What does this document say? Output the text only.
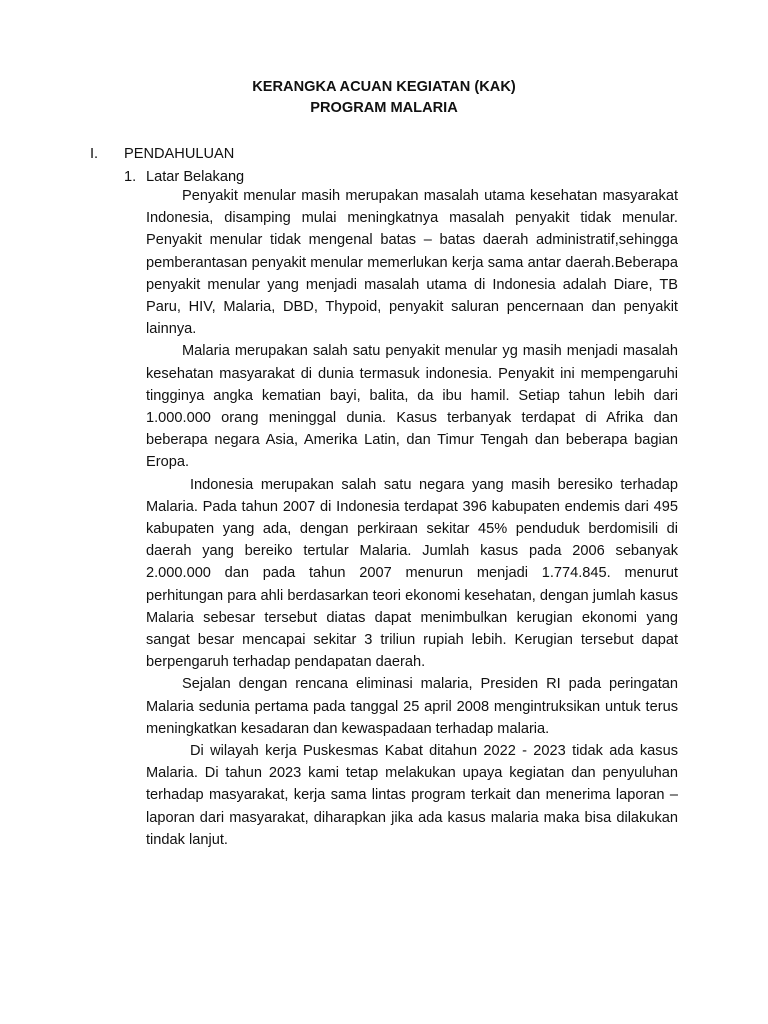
KERANGKA ACUAN KEGIATAN (KAK)
PROGRAM MALARIA
I. PENDAHULUAN
1. Latar Belakang

Penyakit menular masih merupakan masalah utama kesehatan masyarakat Indonesia, disamping mulai meningkatnya masalah penyakit tidak menular. Penyakit menular tidak mengenal batas – batas daerah administratif,sehingga pemberantasan penyakit menular memerlukan kerja sama antar daerah.Beberapa penyakit menular yang menjadi masalah utama di Indonesia adalah Diare, TB Paru, HIV, Malaria, DBD, Thypoid, penyakit saluran pencernaan dan penyakit lainnya.

Malaria merupakan salah satu penyakit menular yg masih menjadi masalah kesehatan masyarakat di dunia termasuk indonesia. Penyakit ini mempengaruhi tingginya angka kematian bayi, balita, da ibu hamil. Setiap tahun lebih dari 1.000.000 orang meninggal dunia. Kasus terbanyak terdapat di Afrika dan beberapa negara Asia, Amerika Latin, dan Timur Tengah dan beberapa bagian Eropa.

Indonesia merupakan salah satu negara yang masih beresiko terhadap Malaria. Pada tahun 2007 di Indonesia terdapat 396 kabupaten endemis dari 495 kabupaten yang ada, dengan perkiraan sekitar 45% penduduk berdomisili di daerah yang bereiko tertular Malaria. Jumlah kasus pada 2006 sebanyak 2.000.000 dan pada tahun 2007 menurun menjadi 1.774.845. menurut perhitungan para ahli berdasarkan teori ekonomi kesehatan, dengan jumlah kasus Malaria sebesar tersebut diatas dapat menimbulkan kerugian ekonomi yang sangat besar mencapai sekitar 3 triliun rupiah lebih. Kerugian tersebut dapat berpengaruh terhadap pendapatan daerah.

Sejalan dengan rencana eliminasi malaria, Presiden RI pada peringatan Malaria sedunia pertama pada tanggal 25 april 2008 mengintruksikan untuk terus meningkatkan kesadaran dan kewaspadaan terhadap malaria.

Di wilayah kerja Puskesmas Kabat ditahun 2022 - 2023 tidak ada kasus Malaria. Di tahun 2023 kami tetap melakukan upaya kegiatan dan penyuluhan terhadap masyarakat, kerja sama lintas program terkait dan menerima laporan – laporan dari masyarakat, diharapkan jika ada kasus malaria maka bisa dilakukan tindak lanjut.
